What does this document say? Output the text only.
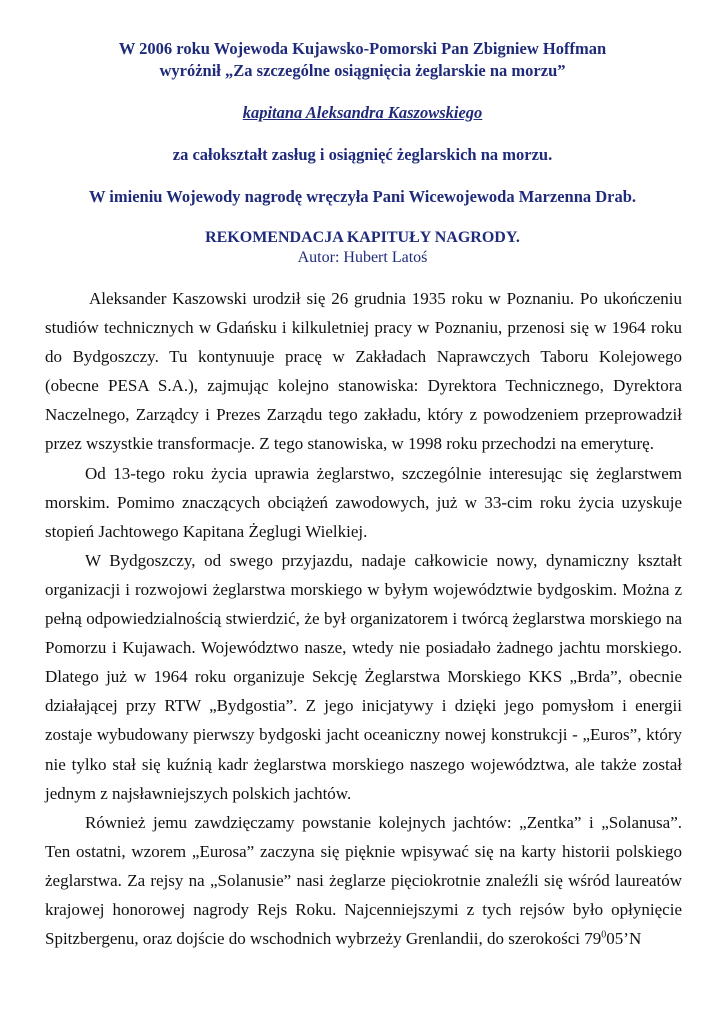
W 2006 roku Wojewoda Kujawsko-Pomorski Pan Zbigniew Hoffman
wyróżnił „Za szczególne osiągnięcia żeglarskie na morzu”
kapitana Aleksandra Kaszowskiego
za całokształt zasług i osiągnięć żeglarskich na morzu.
W imieniu Wojewody nagrodę wręczyła Pani Wicewojewoda Marzenna Drab.
REKOMENDACJA KAPITUŁY NAGRODY.
Autor: Hubert Latoś

Aleksander Kaszowski urodził się 26 grudnia 1935 roku w Poznaniu. Po ukończeniu studiów technicznych w Gdańsku i kilkuletniej pracy w Poznaniu, przenosi się w 1964 roku do Bydgoszczy. Tu kontynuuje pracę w Zakładach Naprawczych Taboru Kolejowego (obecne PESA S.A.), zajmując kolejno stanowiska: Dyrektora Technicznego, Dyrektora Naczelnego, Zarządcy i Prezes Zarządu tego zakładu, który z powodzeniem przeprowadził przez wszystkie transformacje. Z tego stanowiska, w 1998 roku przechodzi na emeryturę.

Od 13-tego roku życia uprawia żeglarstwo, szczególnie interesując się żeglarstwem morskim. Pomimo znaczących obciążeń zawodowych, już w 33-cim roku życia uzyskuje stopień Jachtowego Kapitana Żeglugi Wielkiej.

W Bydgoszczy, od swego przyjazdu, nadaje całkowicie nowy, dynamiczny kształt organizacji i rozwojowi żeglarstwa morskiego w byłym województwie bydgoskim. Można z pełną odpowiedzialnością stwierdzić, że był organizatorem i twórcą żeglarstwa morskiego na Pomorzu i Kujawach. Województwo nasze, wtedy nie posiadało żadnego jachtu morskiego. Dlatego już w 1964 roku organizuje Sekcję Żeglarstwa Morskiego KKS „Brda”, obecnie działającej przy RTW „Bydgostia”. Z jego inicjatywy i dzięki jego pomysłom i energii zostaje wybudowany pierwszy bydgoski jacht oceaniczny nowej konstrukcji - „Euros”, który nie tylko stał się kuźnią kadr żeglarstwa morskiego naszego województwa, ale także został jednym z najsławniejszych polskich jachtów.

Również jemu zawdzięczamy powstanie kolejnych jachtów: „Zentka” i „Solanusa”. Ten ostatni, wzorem „Eurosa” zaczyna się pięknie wpisywać się na karty historii polskiego żeglarstwa. Za rejsy na „Solanusie” nasi żeglarze pięciokrotnie znaleźli się wśród laureatów krajowej honorowej nagrody Rejs Roku. Najcenniejszymi z tych rejsów było opłynięcie Spitzbergenu, oraz dojście do wschodnich wybrzeży Grenlandii, do szerokości $79^005’N$
